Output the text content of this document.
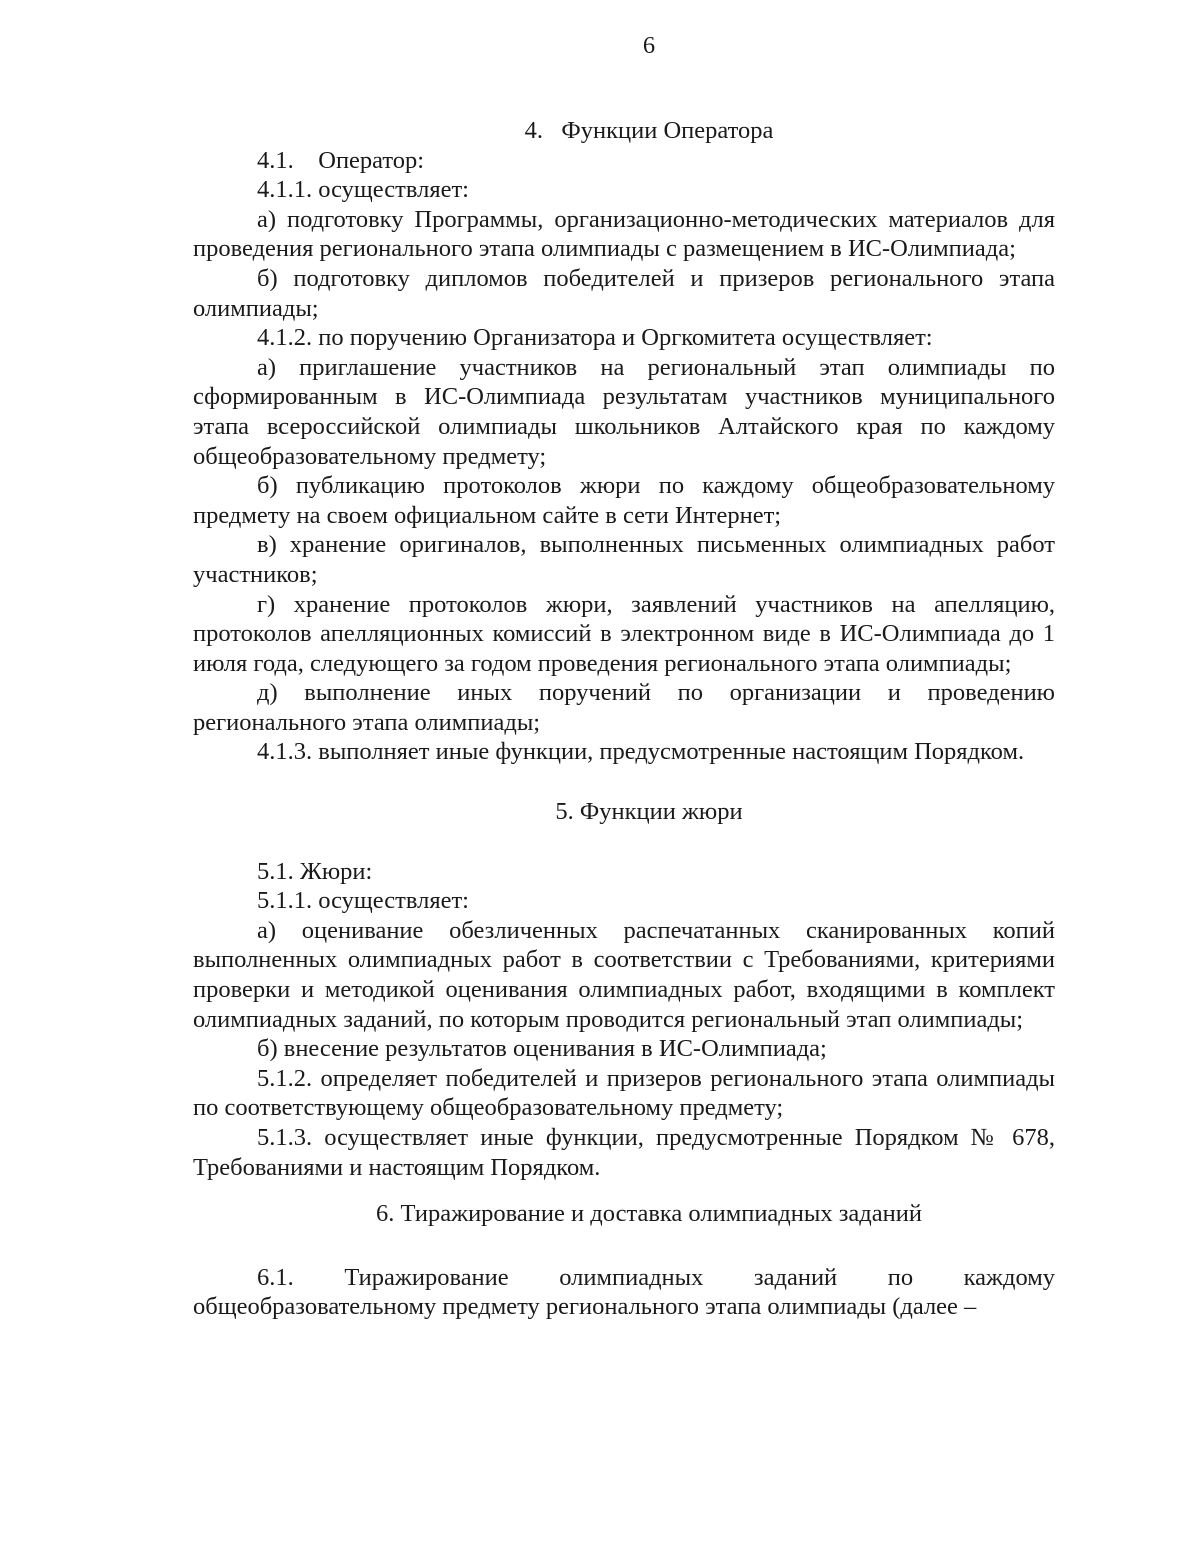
6
4.   Функции Оператора

4.1.    Оператор:

4.1.1. осуществляет:

а) подготовку Программы, организационно-методических материалов для проведения регионального этапа олимпиады с размещением в ИС-Олимпиада;

б) подготовку дипломов победителей и призеров регионального этапа олимпиады;

4.1.2. по поручению Организатора и Оргкомитета осуществляет:

а) приглашение участников на региональный этап олимпиады по сформированным в ИС-Олимпиада результатам участников муниципального этапа всероссийской олимпиады школьников Алтайского края по каждому общеобразовательному предмету;

б) публикацию протоколов жюри по каждому общеобразовательному предмету на своем официальном сайте в сети Интернет;

в) хранение оригиналов, выполненных письменных олимпиадных работ участников;

г) хранение протоколов жюри, заявлений участников на апелляцию, протоколов апелляционных комиссий в электронном виде в ИС-Олимпиада до 1 июля года, следующего за годом проведения регионального этапа олимпиады;

д) выполнение иных поручений по организации и проведению регионального этапа олимпиады;

4.1.3. выполняет иные функции, предусмотренные настоящим Порядком.

5. Функции жюри

5.1. Жюри:

5.1.1. осуществляет:

а) оценивание обезличенных распечатанных сканированных копий выполненных олимпиадных работ в соответствии с Требованиями, критериями проверки и методикой оценивания олимпиадных работ, входящими в комплект олимпиадных заданий, по которым проводится региональный этап олимпиады;

б) внесение результатов оценивания в ИС-Олимпиада;

5.1.2. определяет победителей и призеров регионального этапа олимпиады по соответствующему общеобразовательному предмету;

5.1.3. осуществляет иные функции, предусмотренные Порядком № 678, Требованиями и настоящим Порядком.

6. Тиражирование и доставка олимпиадных заданий

6.1. Тиражирование олимпиадных заданий по каждому общеобразовательному предмету регионального этапа олимпиады (далее –
